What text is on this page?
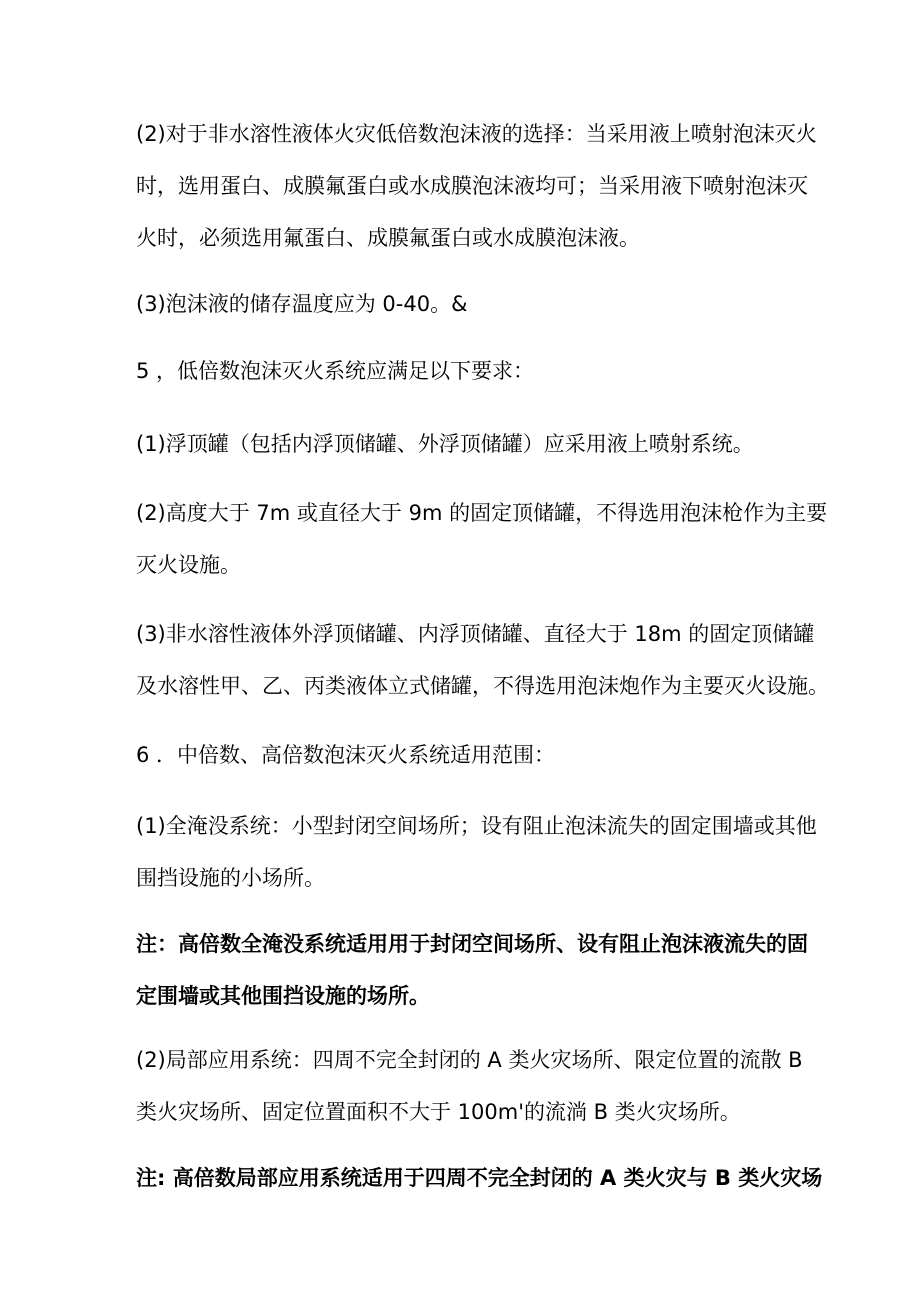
(2)对于非水溶性液体火灾低倍数泡沫液的选择：当采用液上喷射泡沫灭火
时，选用蛋白、成膜氟蛋白或水成膜泡沫液均可；当采用液下喷射泡沫灭
火时，必须选用氟蛋白、成膜氟蛋白或水成膜泡沫液。

(3)泡沫液的储存温度应为 0-40。&

5 ，低倍数泡沫灭火系统应满足以下要求：

(1)浮顶罐（包括内浮顶储罐、外浮顶储罐）应采用液上喷射系统。

(2)高度大于 7m 或直径大于 9m 的固定顶储罐，不得选用泡沫枪作为主要
灭火设施。

(3)非水溶性液体外浮顶储罐、内浮顶储罐、直径大于 18m 的固定顶储罐
及水溶性甲、乙、丙类液体立式储罐，不得选用泡沫炮作为主要灭火设施。

6 ．中倍数、高倍数泡沫灭火系统适用范围：

(1)全淹没系统：小型封闭空间场所；设有阻止泡沫流失的固定围墙或其他
围挡设施的小场所。

注：高倍数全淹没系统适用用于封闭空间场所、设有阻止泡沫液流失的固
定围墙或其他围挡设施的场所。

(2)局部应用系统：四周不完全封闭的 A 类火灾场所、限定位置的流散 B
类火灾场所、固定位置面积不大于 100m'的流淌 B 类火灾场所。

注: 高倍数局部应用系统适用于四周不完全封闭的 A 类火灾与 B 类火灾场
